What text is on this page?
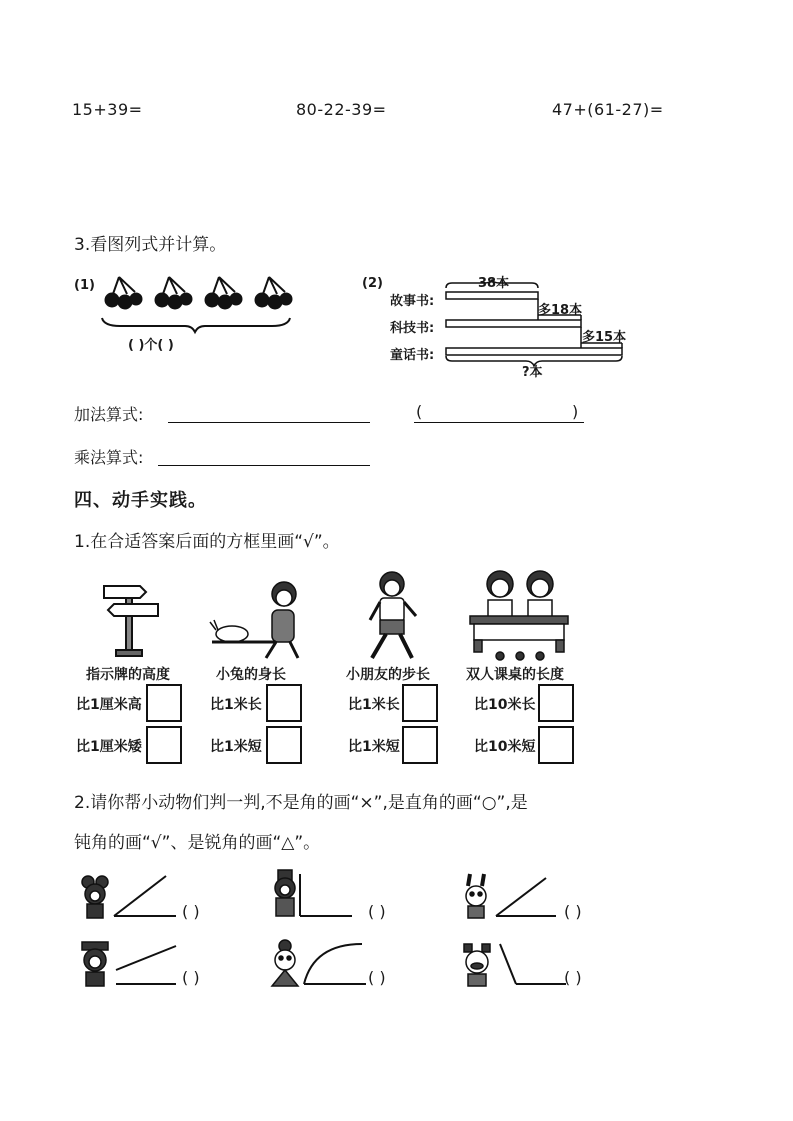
15+39=	80-22-39=	47+(61-27)=
3.看图列式并计算。
(1)
( )个( )
(2)
故事书:
科技书:
童话书:
38本
多18本
多15本
?本
加法算式:	(	)
乘法算式:
四、动手实践。
1.在合适答案后面的方框里画“√”。
指示牌的高度	小兔的身长	小朋友的步长	双人课桌的长度
比1厘米高	比1米长	比1米长	比10米长
比1厘米矮	比1米短	比1米短	比10米短
2.请你帮小动物们判一判,不是角的画“×”,是直角的画“○”,是
钝角的画“√”、是锐角的画“△”。
( )	( )	( )
( )	( )	( )
